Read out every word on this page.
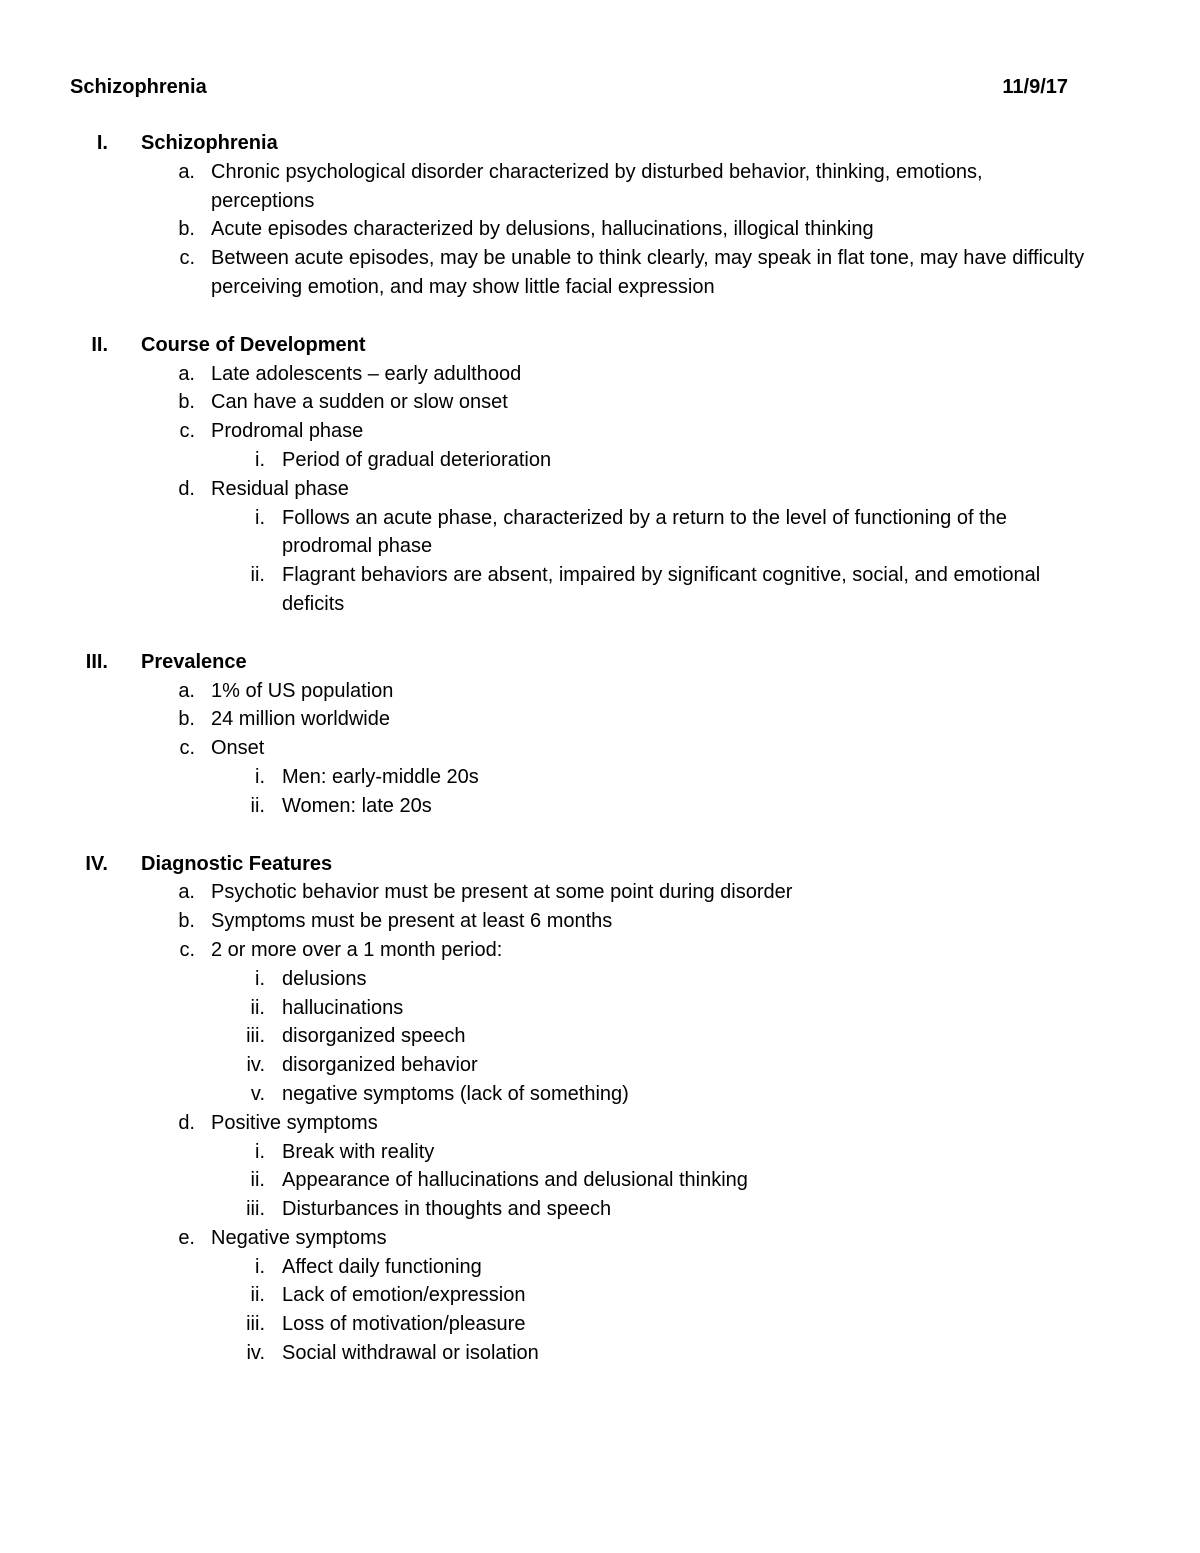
Schizophrenia	11/9/17
I. Schizophrenia
a. Chronic psychological disorder characterized by disturbed behavior, thinking, emotions, perceptions
b. Acute episodes characterized by delusions, hallucinations, illogical thinking
c. Between acute episodes, may be unable to think clearly, may speak in flat tone, may have difficulty perceiving emotion, and may show little facial expression
II. Course of Development
a. Late adolescents – early adulthood
b. Can have a sudden or slow onset
c. Prodromal phase
i. Period of gradual deterioration
d. Residual phase
i. Follows an acute phase, characterized by a return to the level of functioning of the prodromal phase
ii. Flagrant behaviors are absent, impaired by significant cognitive, social, and emotional deficits
III. Prevalence
a. 1% of US population
b. 24 million worldwide
c. Onset
i. Men: early-middle 20s
ii. Women: late 20s
IV. Diagnostic Features
a. Psychotic behavior must be present at some point during disorder
b. Symptoms must be present at least 6 months
c. 2 or more over a 1 month period:
i. delusions
ii. hallucinations
iii. disorganized speech
iv. disorganized behavior
v. negative symptoms (lack of something)
d. Positive symptoms
i. Break with reality
ii. Appearance of hallucinations and delusional thinking
iii. Disturbances in thoughts and speech
e. Negative symptoms
i. Affect daily functioning
ii. Lack of emotion/expression
iii. Loss of motivation/pleasure
iv. Social withdrawal or isolation
